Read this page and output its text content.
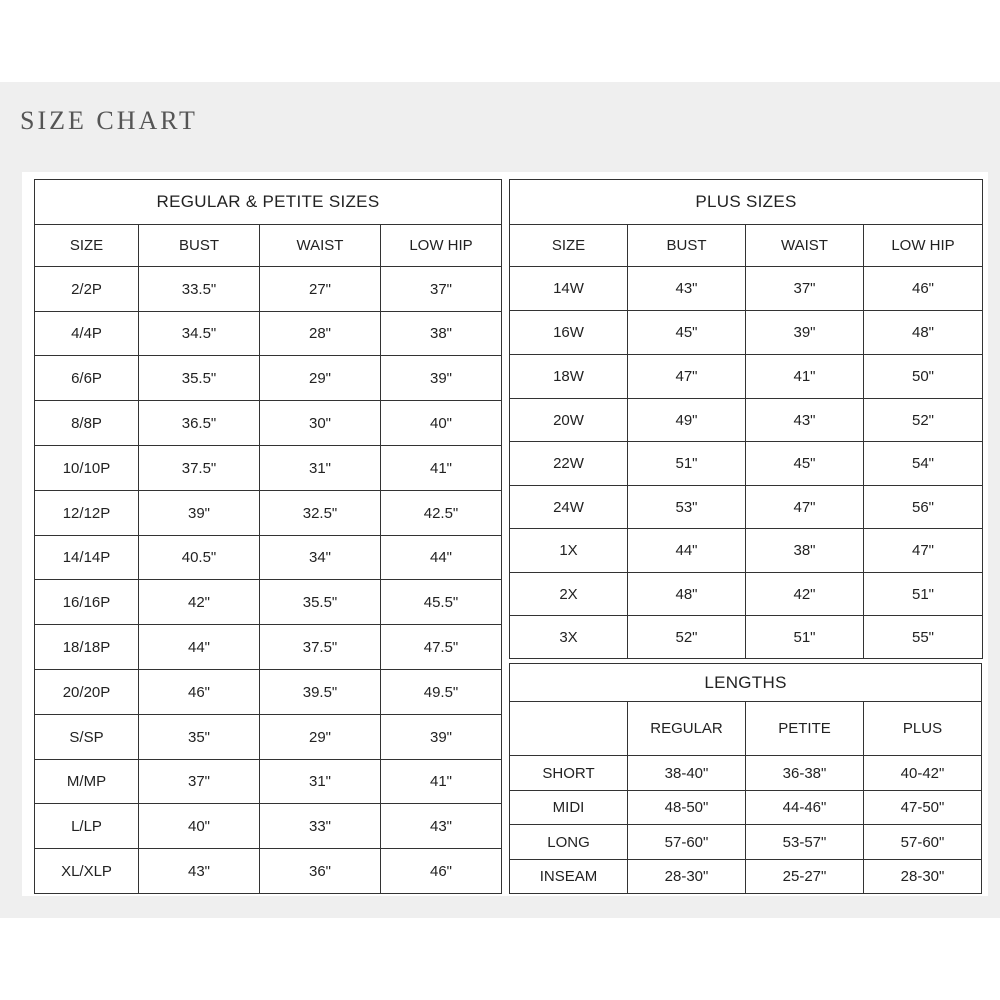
SIZE CHART
REGULAR & PETITE SIZES			
SIZE	BUST	WAIST	LOW HIP
2/2P	33.5"	27"	37"
4/4P	34.5"	28"	38"
6/6P	35.5"	29"	39"
8/8P	36.5"	30"	40"
10/10P	37.5"	31"	41"
12/12P	39"	32.5"	42.5"
14/14P	40.5"	34"	44"
16/16P	42"	35.5"	45.5"
18/18P	44"	37.5"	47.5"
20/20P	46"	39.5"	49.5"
S/SP	35"	29"	39"
M/MP	37"	31"	41"
L/LP	40"	33"	43"
XL/XLP	43"	36"	46"
PLUS SIZES			
SIZE	BUST	WAIST	LOW HIP
14W	43"	37"	46"
16W	45"	39"	48"
18W	47"	41"	50"
20W	49"	43"	52"
22W	51"	45"	54"
24W	53"	47"	56"
1X	44"	38"	47"
2X	48"	42"	51"
3X	52"	51"	55"
LENGTHS			
	REGULAR	PETITE	PLUS
SHORT	38-40"	36-38"	40-42"
MIDI	48-50"	44-46"	47-50"
LONG	57-60"	53-57"	57-60"
INSEAM	28-30"	25-27"	28-30"
